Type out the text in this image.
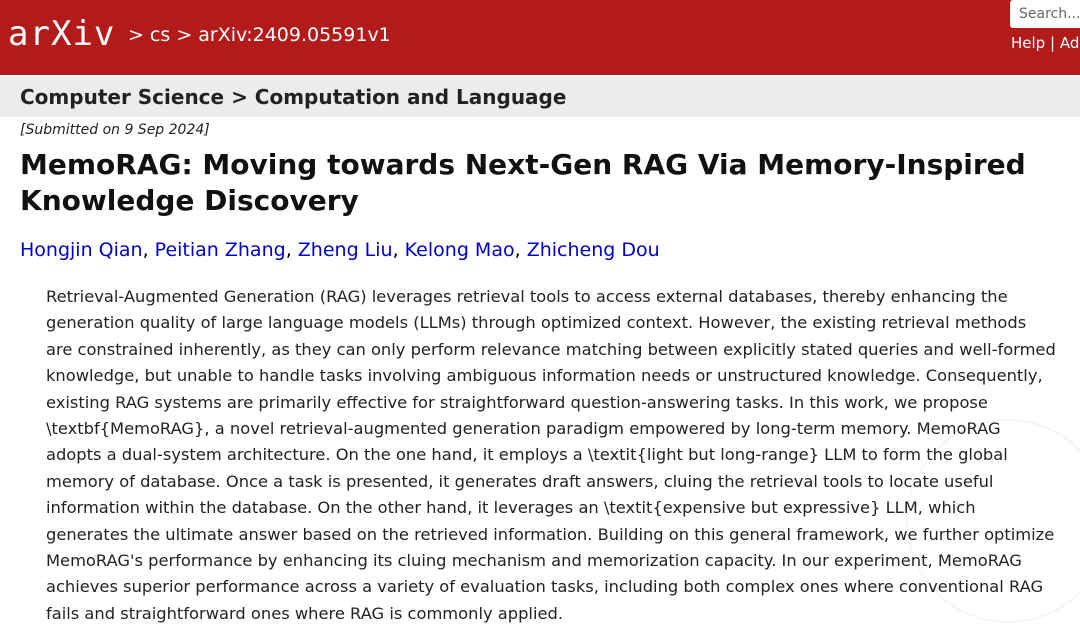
arXiv > cs > arXiv:2409.05591v1
Search...
Help | Ad
Computer Science > Computation and Language
[Submitted on 9 Sep 2024]
MemoRAG: Moving towards Next-Gen RAG Via Memory-Inspired Knowledge Discovery
Hongjin Qian, Peitian Zhang, Zheng Liu, Kelong Mao, Zhicheng Dou
Retrieval-Augmented Generation (RAG) leverages retrieval tools to access external databases, thereby enhancing the generation quality of large language models (LLMs) through optimized context. However, the existing retrieval methods are constrained inherently, as they can only perform relevance matching between explicitly stated queries and well-formed knowledge, but unable to handle tasks involving ambiguous information needs or unstructured knowledge. Consequently, existing RAG systems are primarily effective for straightforward question-answering tasks. In this work, we propose \textbf{MemoRAG}, a novel retrieval-augmented generation paradigm empowered by long-term memory. MemoRAG adopts a dual-system architecture. On the one hand, it employs a \textit{light but long-range} LLM to form the global memory of database. Once a task is presented, it generates draft answers, cluing the retrieval tools to locate useful information within the database. On the other hand, it leverages an \textit{expensive but expressive} LLM, which generates the ultimate answer based on the retrieved information. Building on this general framework, we further optimize MemoRAG's performance by enhancing its cluing mechanism and memorization capacity. In our experiment, MemoRAG achieves superior performance across a variety of evaluation tasks, including both complex ones where conventional RAG fails and straightforward ones where RAG is commonly applied.
